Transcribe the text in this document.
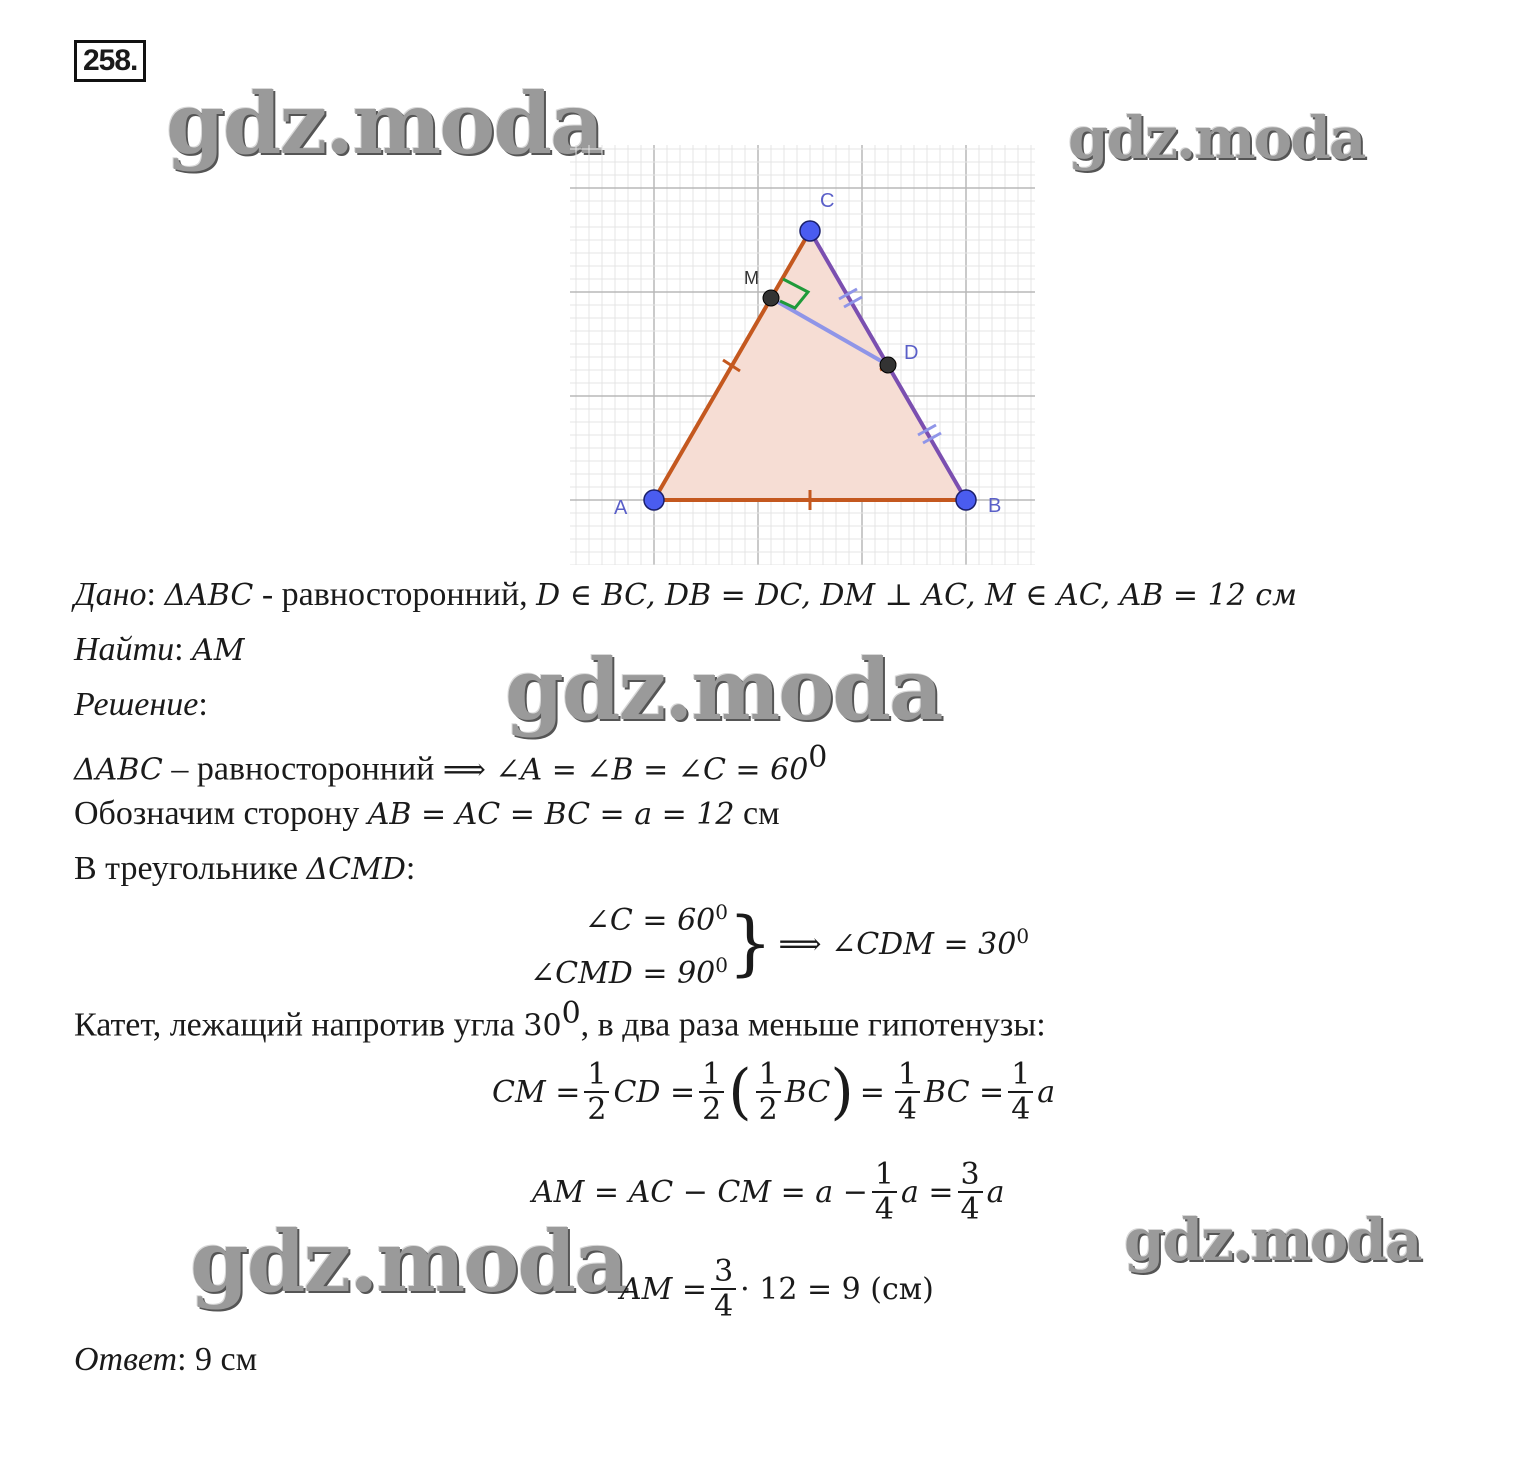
258.
gdz.moda	gdz.moda
gdz.moda
gdz.moda	gdz.moda
A	B
C
D
M
Дано: ΔABC - равносторонний, D ∈ BC, DB = DC, DM ⊥ AC, M ∈ AC, AB = 12 см
Найти: AM
Решение:
ΔABC – равносторонний ⟹ ∠A = ∠B = ∠C = $60^0$
Обозначим сторону AB = AC = BC = a = 12 см
В треугольнике ΔCMD:
∠C = $60^0$
∠CMD = $90^0$ } ⟹ ∠CDM = $30^0$
Катет, лежащий напротив угла $30^0$, в два раза меньше гипотенузы:
CM = $\frac{1}{2}$ CD = $\frac{1}{2}$ ( $\frac{1}{2}$ BC ) = $\frac{1}{4}$ BC = $\frac{1}{4}$ a
AM = AC − CM = $a - \frac{1}{4}$ $a = \frac{3}{4}$ a
AM = $\frac{3}{4} \cdot 12 = 9$ (см)
Ответ: 9 см
